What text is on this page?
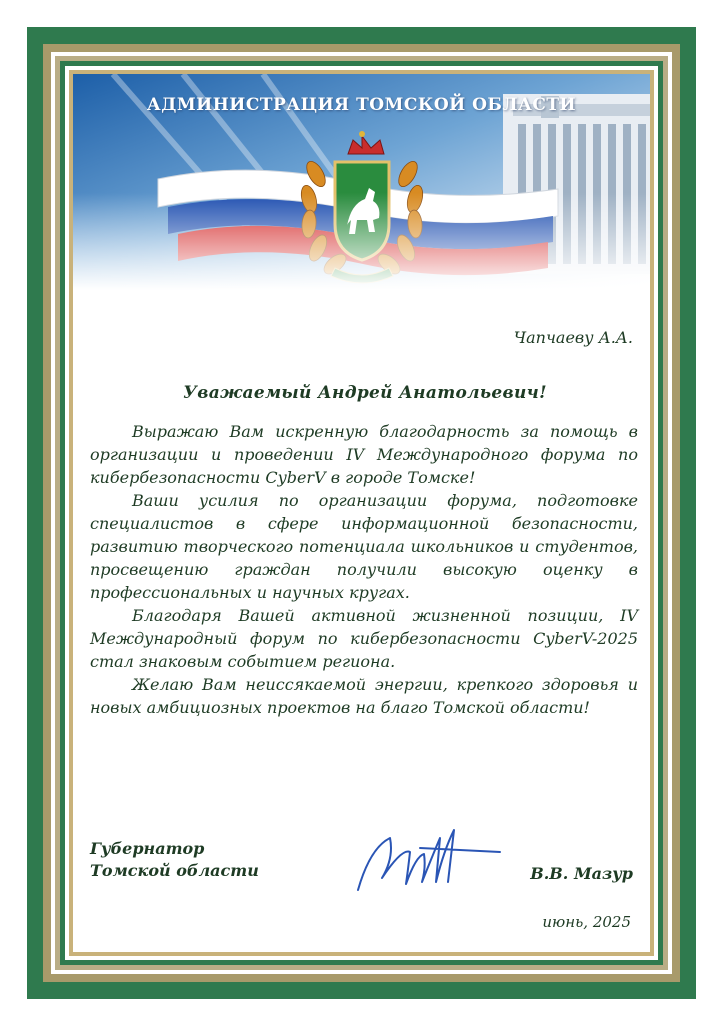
АДМИНИСТРАЦИЯ ТОМСКОЙ ОБЛАСТИ
Чапчаеву А.А.
Уважаемый Андрей Анатольевич!

Выражаю Вам искренную благодарность за помощь в организации и проведении IV Международного форума по кибербезопасности CyberV в городе Томске!

Ваши усилия по организации форума, подготовке специалистов в сфере информационной безопасности, развитию творческого потенциала школьников и студентов, просвещению граждан получили высокую оценку в профессиональных и научных кругах.

Благодаря Вашей активной жизненной позиции, IV Международный форум по кибербезопасности CyberV-2025 стал знаковым событием региона.

Желаю Вам неиссякаемой энергии, крепкого здоровья и новых амбициозных проектов на благо Томской области!

Губернатор
Томской области	В.В. Мазур
июнь, 2025
